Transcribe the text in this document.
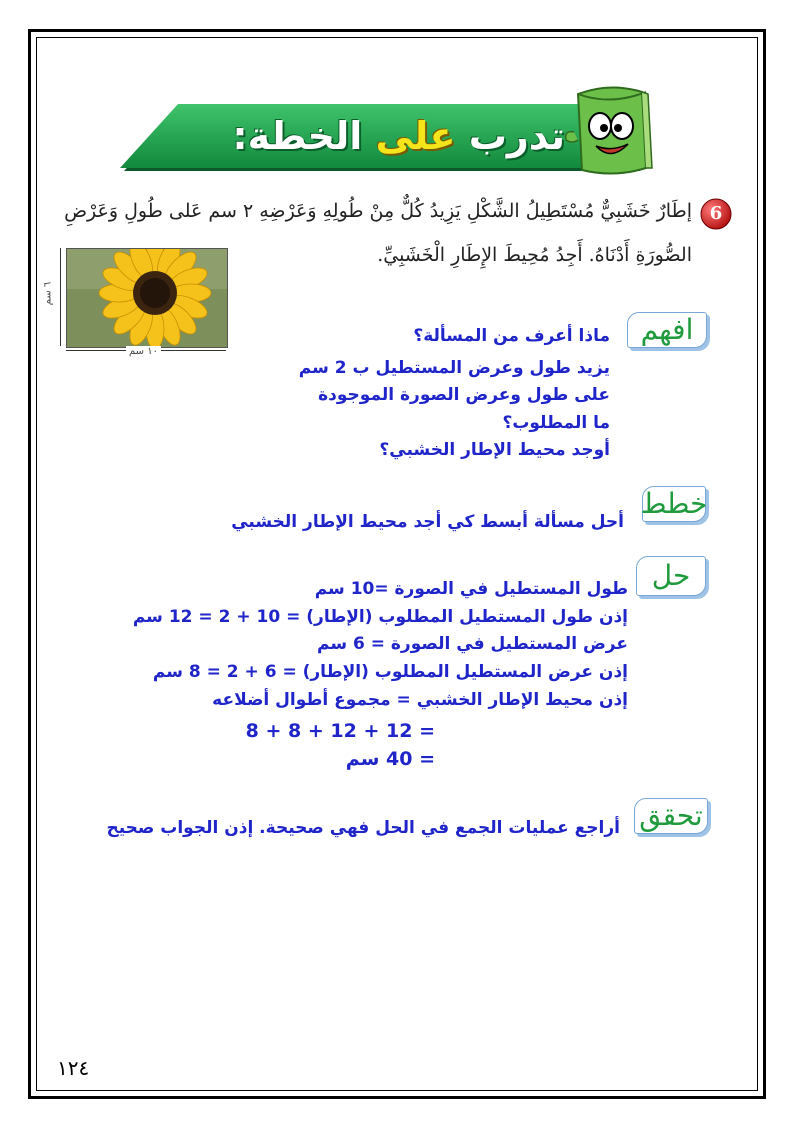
تدرب على الخطة:
6
إطَارٌ خَشَبِيٌّ مُسْتَطِيلُ الشَّكْلِ يَزِيدُ كُلٌّ مِنْ طُولِهِ وَعَرْضِهِ ٢ سم عَلى طُولِ وَعَرْضِ
الصُّورَةِ أَدْنَاهُ. أَجِدُ مُحِيطَ الإِطَارِ الْخَشَبِيِّ.
١٠ سم
٦ سم
افهم
ماذا أعرف من المسألة؟
يزيد طول وعرض المستطيل ب 2 سم
على طول وعرض الصورة الموجودة
ما المطلوب؟
أوجد محيط الإطار الخشبي؟
خطط
أحل مسألة أبسط كي أجد محيط الإطار الخشبي
حل
طول المستطيل في الصورة =10 سم
إذن طول المستطيل المطلوب (الإطار) = 10 + 2 = 12 سم
عرض المستطيل في الصورة = 6 سم
إذن عرض المستطيل المطلوب (الإطار) = 6 + 2 = 8 سم
إذن محيط الإطار الخشبي = مجموع أطوال أضلاعه
= 12 + 12 + 8 + 8
= 40 سم
تحقق
أراجع عمليات الجمع في الحل فهي صحيحة. إذن الجواب صحيح
١٢٤
